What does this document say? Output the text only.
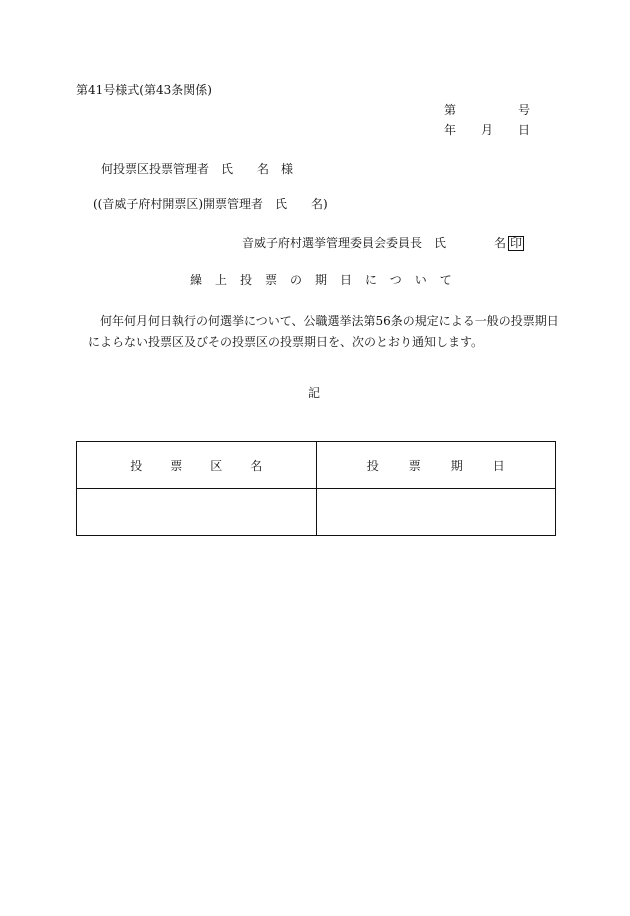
第41号様式(第43条関係)
第	号
年 月 日
何投票区投票管理者　氏　　名　様
((音威子府村開票区)開票管理者　氏　　名)
音威子府村選挙管理委員会委員長　氏　　　　名 印
繰上投票の期日について
何年何月何日執行の何選挙について、公職選挙法第56条の規定による一般の投票期日によらない投票区及びその投票区の投票期日を、次のとおり通知します。
記
投票区名	投票期日
